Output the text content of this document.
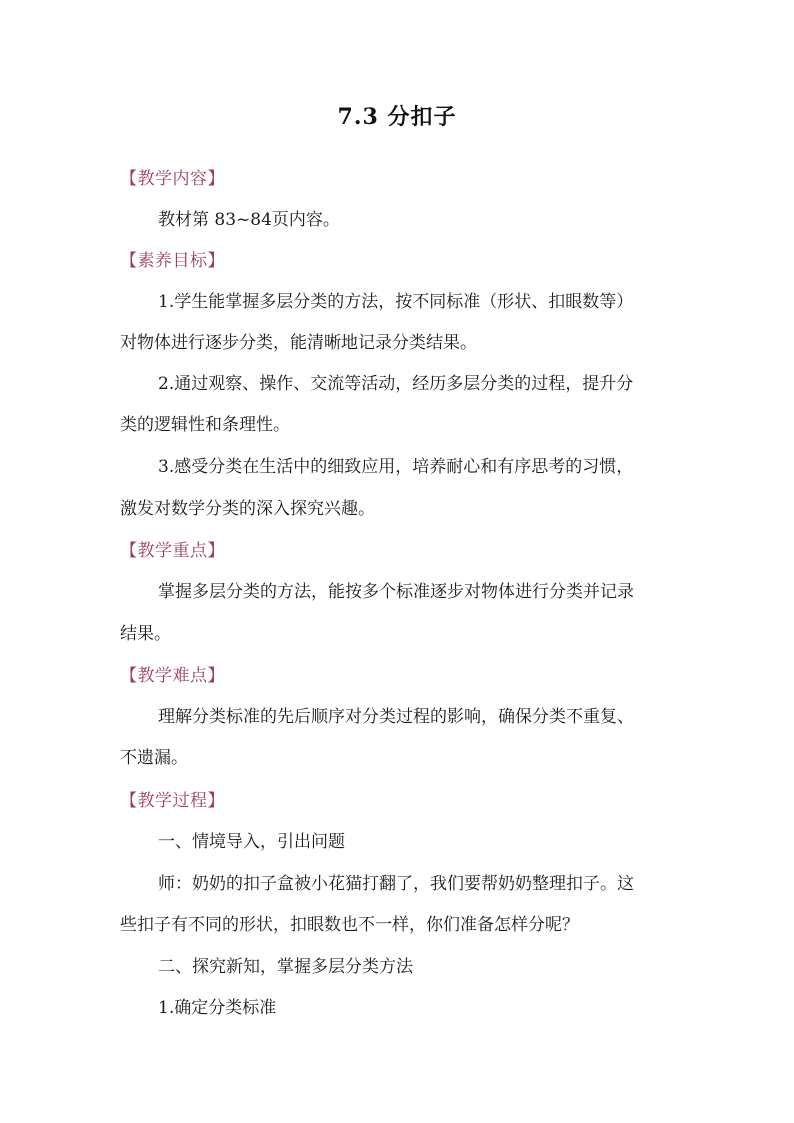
7.3 分扣子
【教学内容】
教材第 83~84页内容。
【素养目标】
1.学生能掌握多层分类的方法，按不同标准（形状、扣眼数等）
对物体进行逐步分类，能清晰地记录分类结果。
2.通过观察、操作、交流等活动，经历多层分类的过程，提升分
类的逻辑性和条理性。
3.感受分类在生活中的细致应用，培养耐心和有序思考的习惯，
激发对数学分类的深入探究兴趣。
【教学重点】
掌握多层分类的方法，能按多个标准逐步对物体进行分类并记录
结果。
【教学难点】
理解分类标准的先后顺序对分类过程的影响，确保分类不重复、
不遗漏。
【教学过程】
一、情境导入，引出问题
师：奶奶的扣子盒被小花猫打翻了，我们要帮奶奶整理扣子。这
些扣子有不同的形状，扣眼数也不一样，你们准备怎样分呢？
二、探究新知，掌握多层分类方法
1.确定分类标准
